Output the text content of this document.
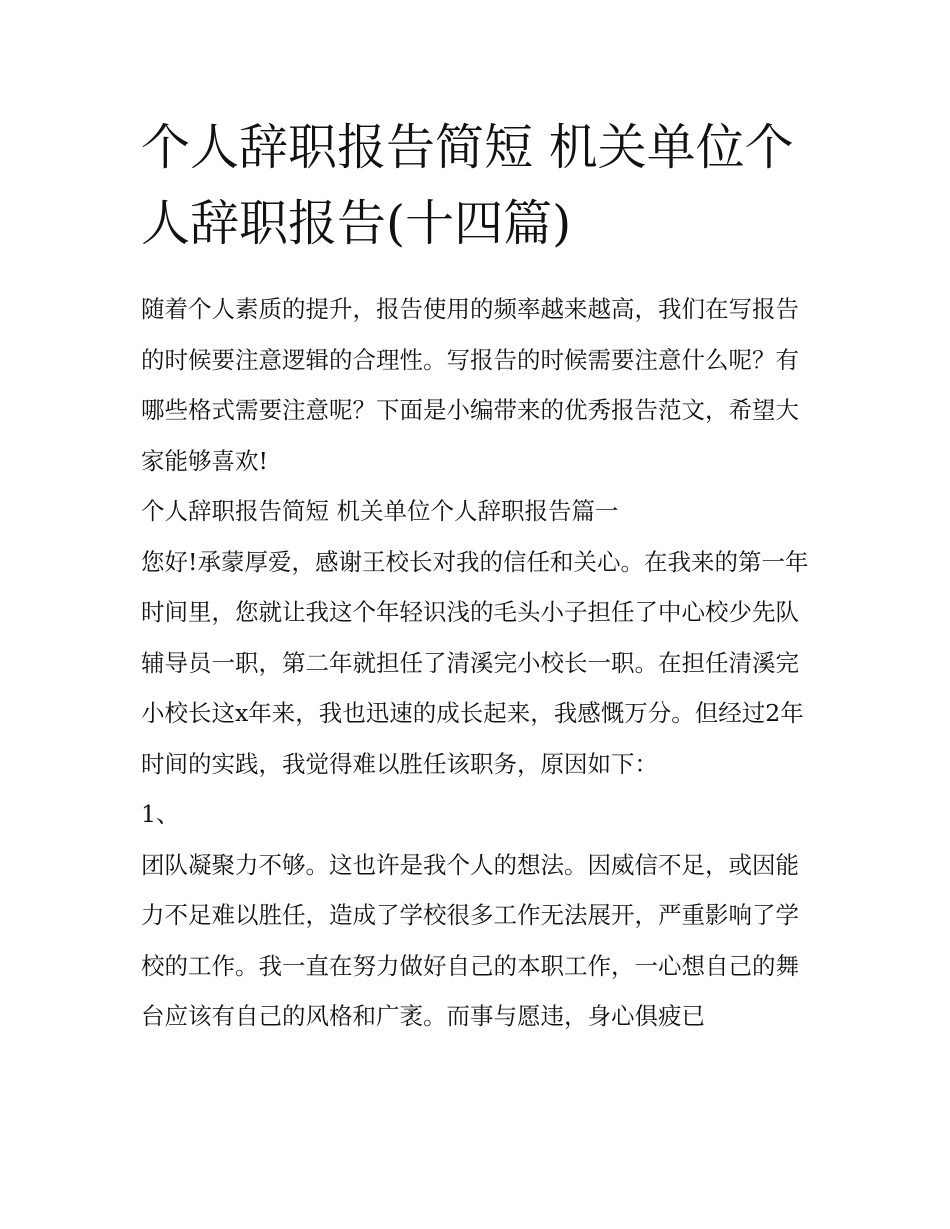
个人辞职报告简短 机关单位个人辞职报告(十四篇)

随着个人素质的提升，报告使用的频率越来越高，我们在写报告的时候要注意逻辑的合理性。写报告的时候需要注意什么呢？有哪些格式需要注意呢？下面是小编带来的优秀报告范文，希望大家能够喜欢!

个人辞职报告简短 机关单位个人辞职报告篇一

您好!承蒙厚爱，感谢王校长对我的信任和关心。在我来的第一年时间里，您就让我这个年轻识浅的毛头小子担任了中心校少先队辅导员一职，第二年就担任了清溪完小校长一职。在担任清溪完小校长这x年来，我也迅速的成长起来，我感慨万分。但经过2年时间的实践，我觉得难以胜任该职务，原因如下：

1、

团队凝聚力不够。这也许是我个人的想法。因威信不足，或因能力不足难以胜任，造成了学校很多工作无法展开，严重影响了学校的工作。我一直在努力做好自己的本职工作，一心想自己的舞台应该有自己的风格和广袤。而事与愿违，身心俱疲已
